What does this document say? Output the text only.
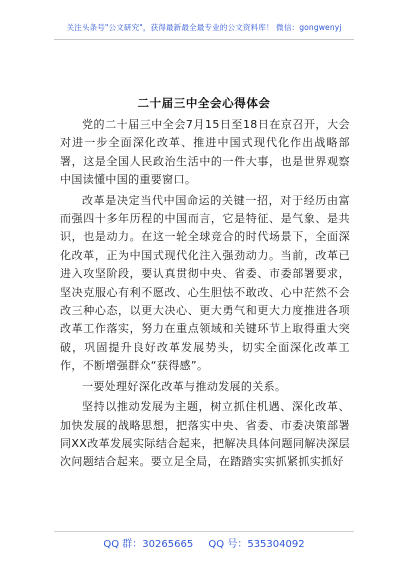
关注头条号"公文研究"，获得最新最全最专业的公文资料库！ 微信：gongwenyj
二十届三中全会心得体会

党的二十届三中全会7月15日至18日在京召开，大会对进一步全面深化改革、推进中国式现代化作出战略部署，这是全国人民政治生活中的一件大事，也是世界观察中国读懂中国的重要窗口。

改革是决定当代中国命运的关键一招，对于经历由富而强四十多年历程的中国而言，它是特征、是气象、是共识，也是动力。在这一轮全球竞合的时代场景下，全面深化改革，正为中国式现代化注入强劲动力。当前，改革已进入攻坚阶段，要认真贯彻中央、省委、市委部署要求，坚决克服心有利不愿改、心生胆怯不敢改、心中茫然不会改三种心态，以更大决心、更大勇气和更大力度推进各项改革工作落实，努力在重点领域和关键环节上取得重大突破，巩固提升良好改革发展势头，切实全面深化改革工作，不断增强群众“获得感”。

一要处理好深化改革与推动发展的关系。

坚持以推动发展为主题，树立抓住机遇、深化改革、加快发展的战略思想，把落实中央、省委、市委决策部署同XX改革发展实际结合起来，把解决具体问题同解决深层次问题结合起来。要立足全局，在踏踏实实抓紧抓实抓好

QQ 群：30265665 QQ 号：535304092
